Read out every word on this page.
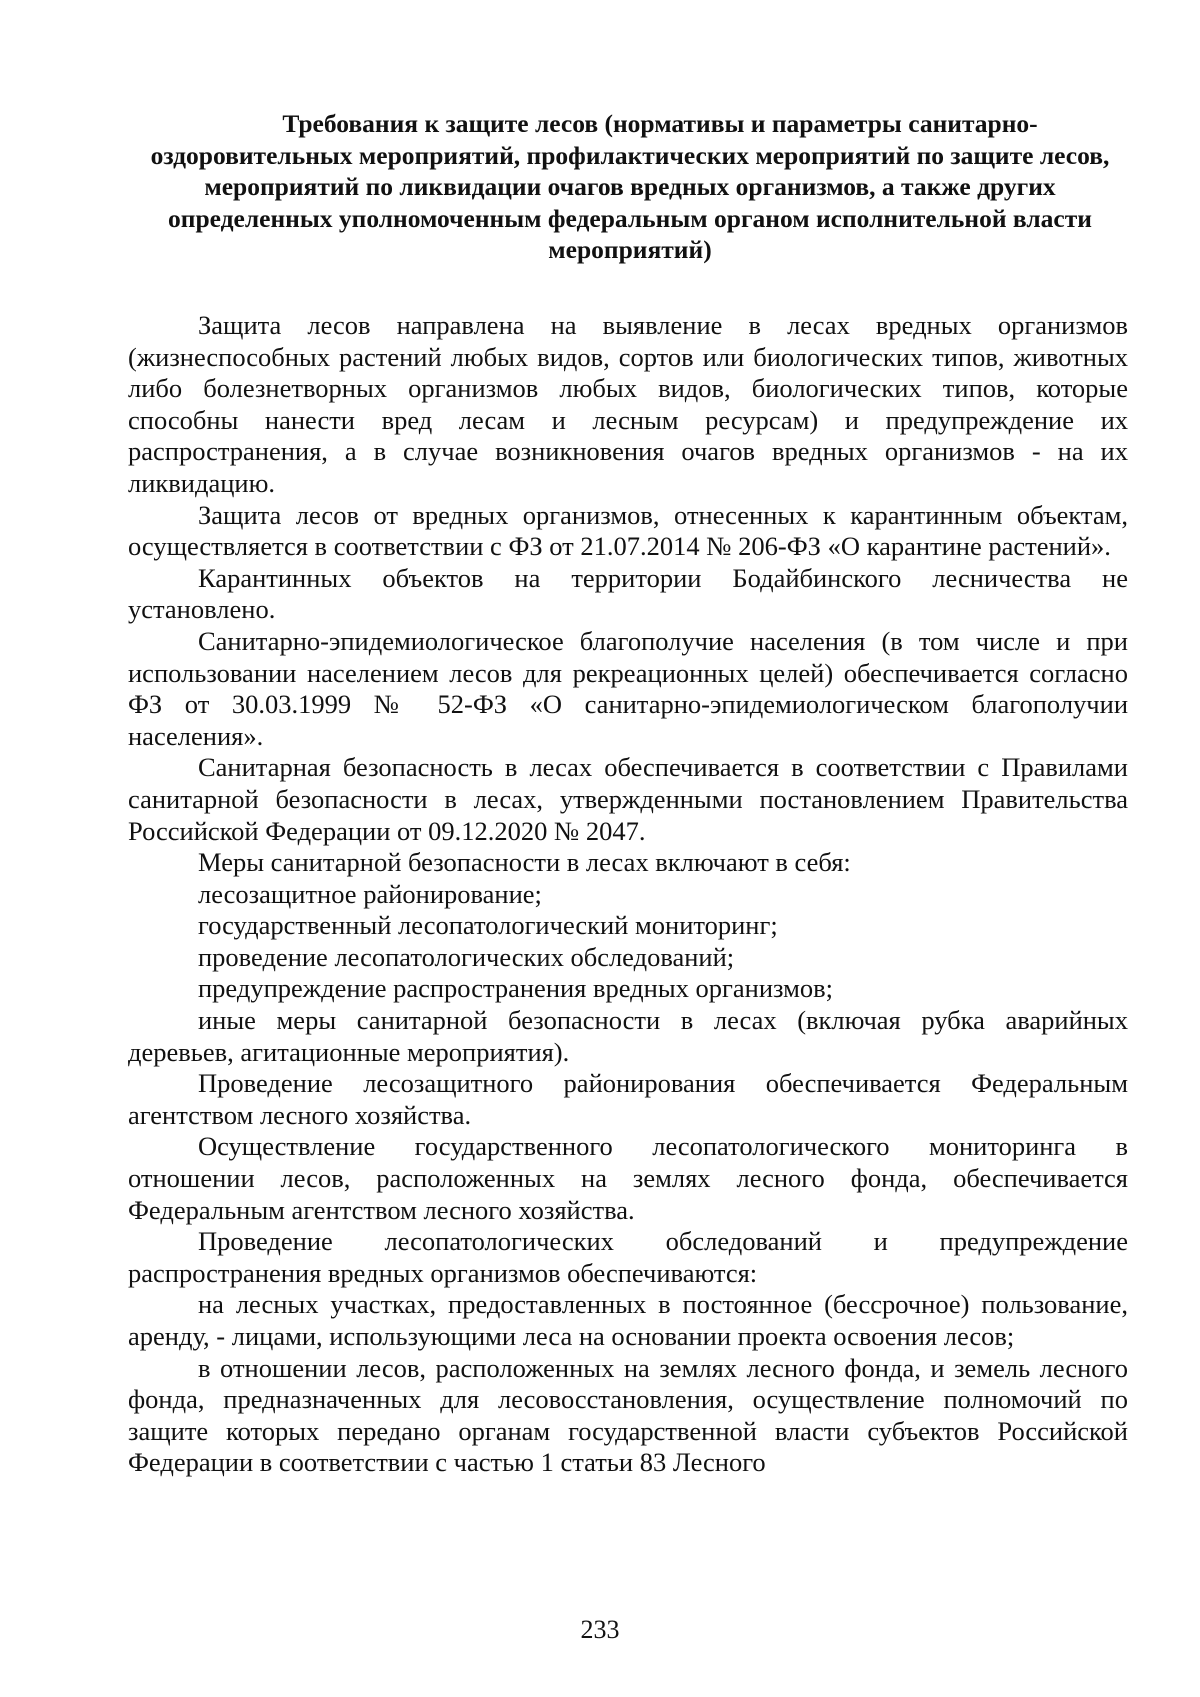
Требования к защите лесов (нормативы и параметры санитарно-оздоровительных мероприятий, профилактических мероприятий по защите лесов, мероприятий по ликвидации очагов вредных организмов, а также других определенных уполномоченным федеральным органом исполнительной власти мероприятий)

Защита лесов направлена на выявление в лесах вредных организмов (жизнеспособных растений любых видов, сортов или биологических типов, животных либо болезнетворных организмов любых видов, биологических типов, которые способны нанести вред лесам и лесным ресурсам) и предупреждение их распространения, а в случае возникновения очагов вредных организмов - на их ликвидацию.

Защита лесов от вредных организмов, отнесенных к карантинным объектам, осуществляется в соответствии с ФЗ от 21.07.2014 № 206-ФЗ «О карантине растений».

Карантинных объектов на территории Бодайбинского лесничества не установлено.

Санитарно-эпидемиологическое благополучие населения (в том числе и при использовании населением лесов для рекреационных целей) обеспечивается согласно ФЗ от 30.03.1999 № 52-ФЗ «О санитарно-эпидемиологическом благополучии населения».

Санитарная безопасность в лесах обеспечивается в соответствии с Правилами санитарной безопасности в лесах, утвержденными постановлением Правительства Российской Федерации от 09.12.2020 № 2047.

Меры санитарной безопасности в лесах включают в себя:

лесозащитное районирование;

государственный лесопатологический мониторинг;

проведение лесопатологических обследований;

предупреждение распространения вредных организмов;

иные меры санитарной безопасности в лесах (включая рубка аварийных деревьев, агитационные мероприятия).

Проведение лесозащитного районирования обеспечивается Федеральным агентством лесного хозяйства.

Осуществление государственного лесопатологического мониторинга в отношении лесов, расположенных на землях лесного фонда, обеспечивается Федеральным агентством лесного хозяйства.

Проведение лесопатологических обследований и предупреждение распространения вредных организмов обеспечиваются:

на лесных участках, предоставленных в постоянное (бессрочное) пользование, аренду, - лицами, использующими леса на основании проекта освоения лесов;

в отношении лесов, расположенных на землях лесного фонда, и земель лесного фонда, предназначенных для лесовосстановления, осуществление полномочий по защите которых передано органам государственной власти субъектов Российской Федерации в соответствии с частью 1 статьи 83 Лесного

233
